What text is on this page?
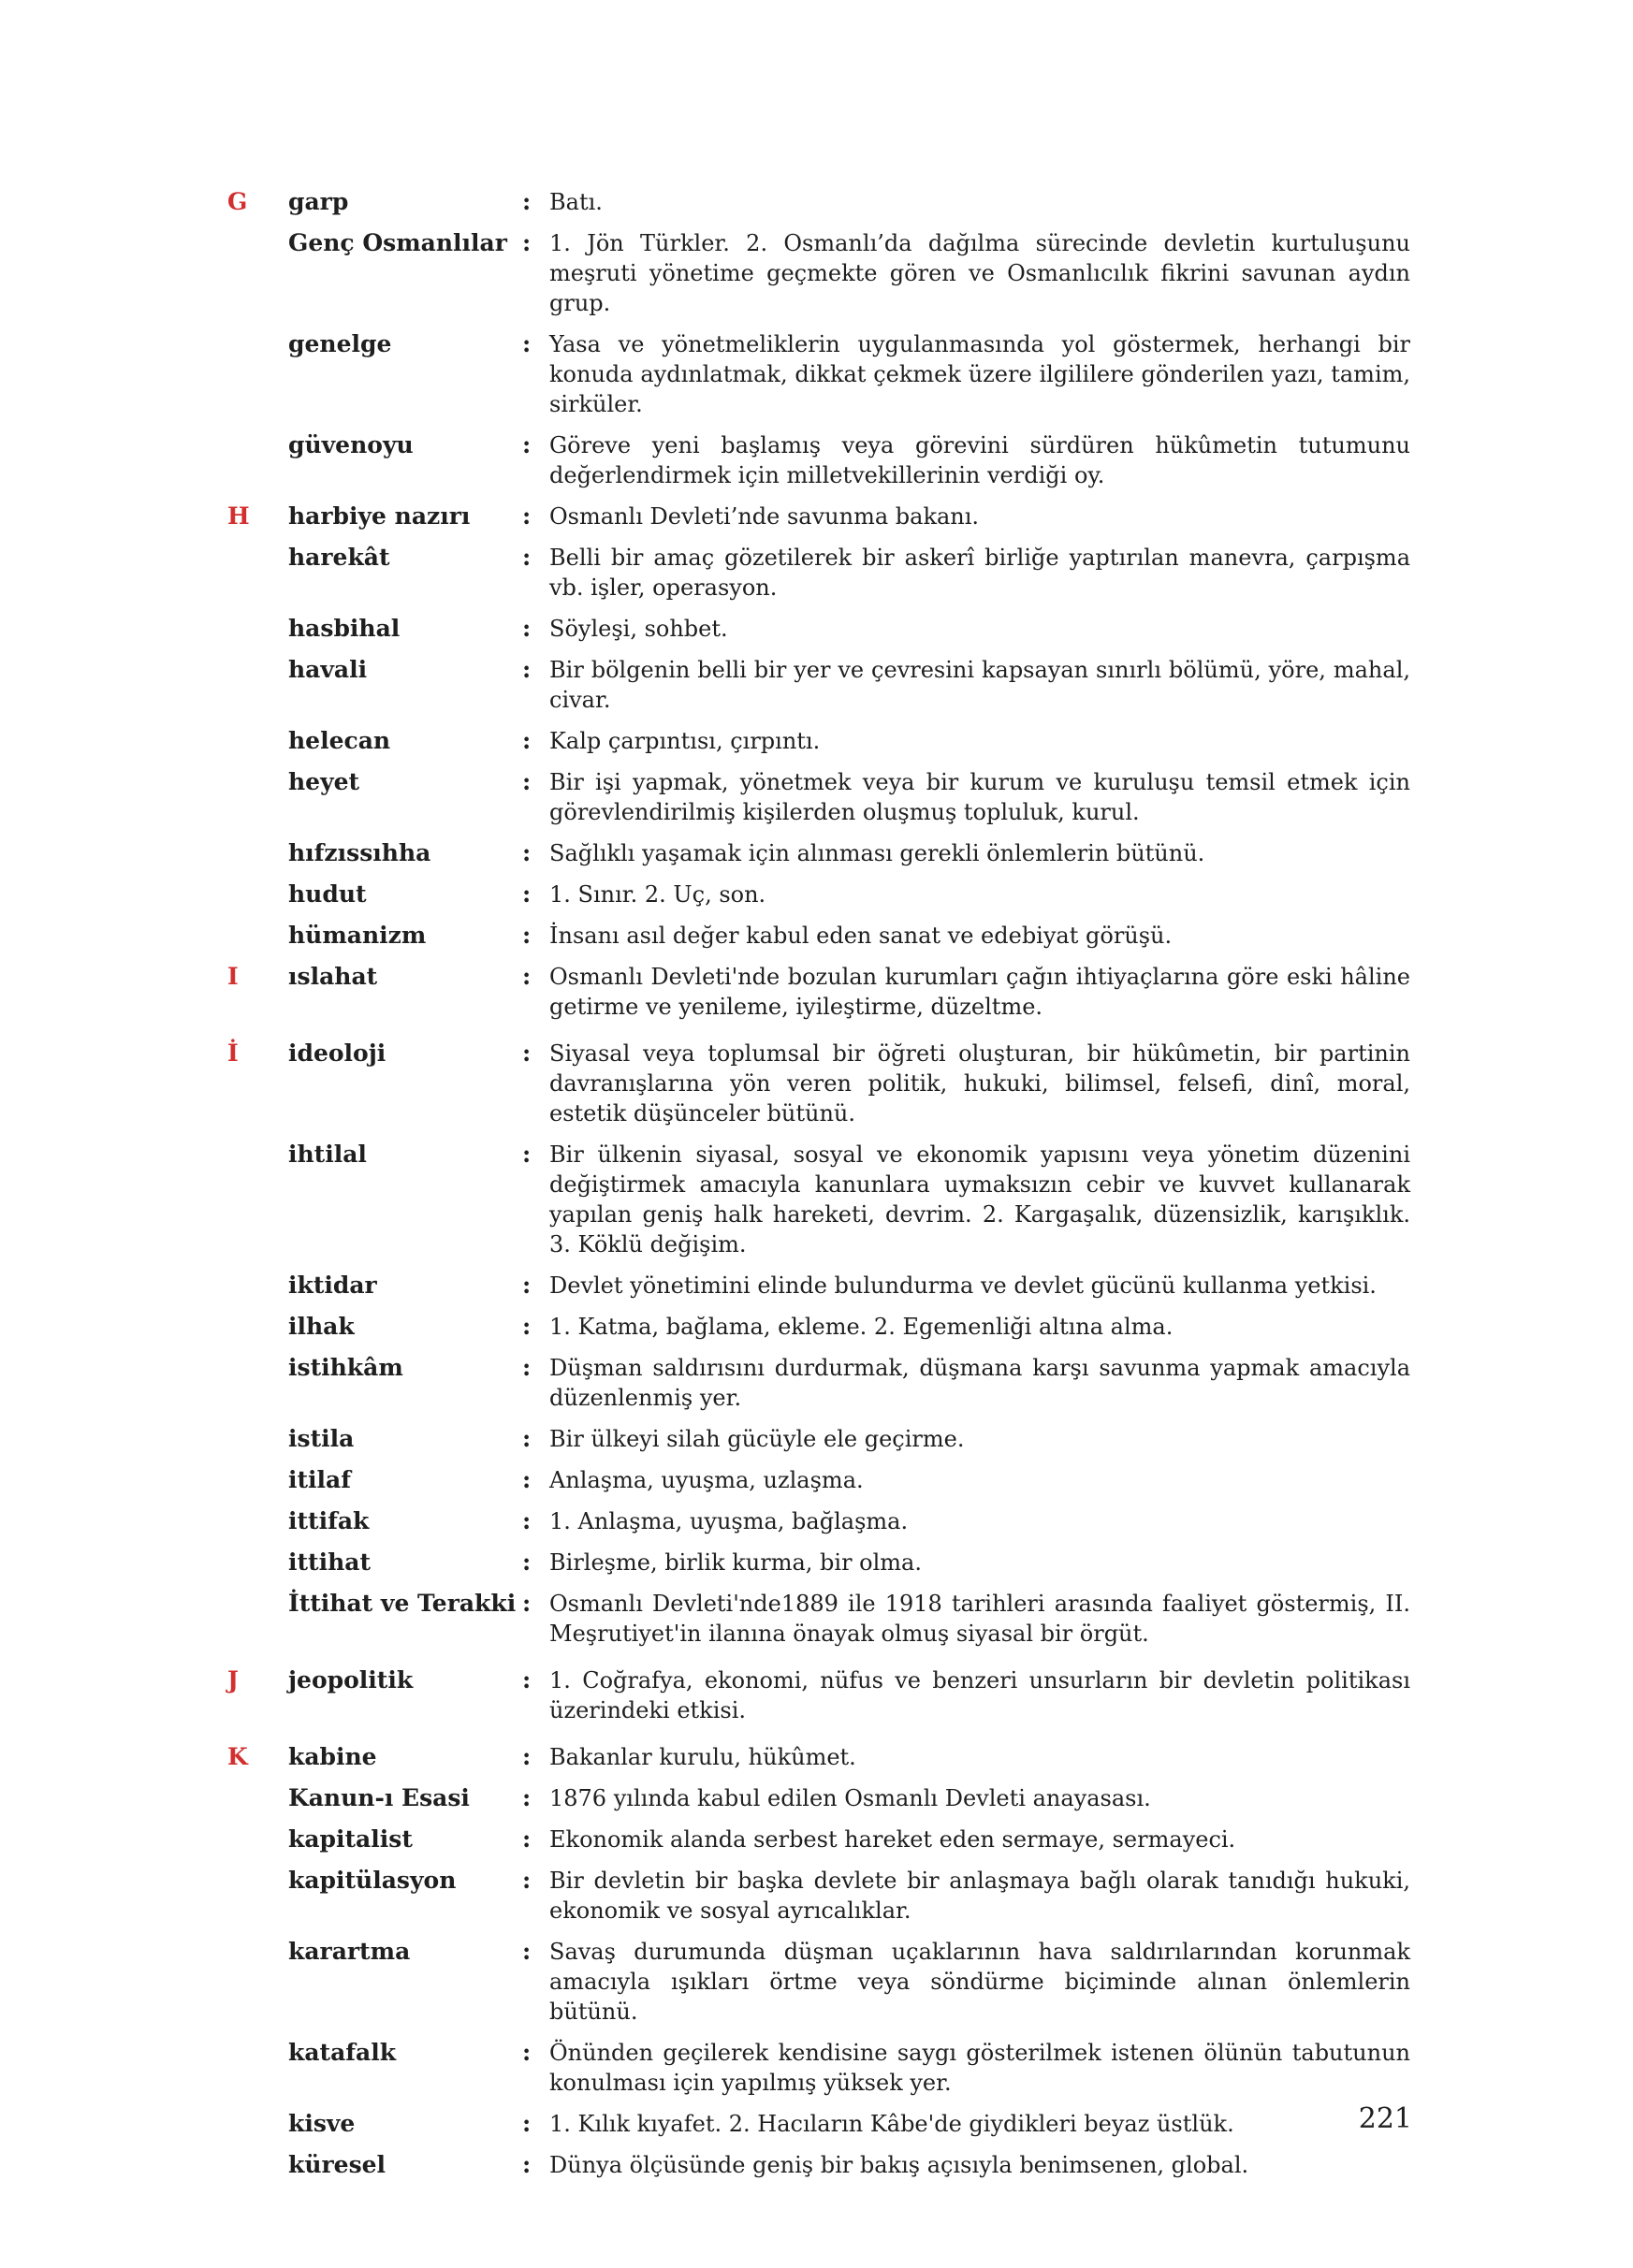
G garp	: Batı.
Genç Osmanlılar : 1. Jön Türkler. 2. Osmanlı’da dağılma sürecinde devletin kurtuluşunu meşruti yönetime geçmekte gören ve Osmanlıcılık fikrini savunan aydın grup.
genelge	: Yasa ve yönetmeliklerin uygulanmasında yol göstermek, herhangi bir konuda aydınlatmak, dikkat çekmek üzere ilgililere gönderilen yazı, tamim, sirküler.
güvenoyu	: Göreve yeni başlamış veya görevini sürdüren hükûmetin tutumunu değerlendirmek için milletvekillerinin verdiği oy.
H harbiye nazırı	: Osmanlı Devleti’nde savunma bakanı.
harekât	: Belli bir amaç gözetilerek bir askerî birliğe yaptırılan manevra, çarpışma vb. işler, operasyon.
hasbihal	: Söyleşi, sohbet.
havali	: Bir bölgenin belli bir yer ve çevresini kapsayan sınırlı bölümü, yöre, mahal, civar.
helecan	: Kalp çarpıntısı, çırpıntı.
heyet	: Bir işi yapmak, yönetmek veya bir kurum ve kuruluşu temsil etmek için görevlendirilmiş kişilerden oluşmuş topluluk, kurul.
hıfzıssıhha	: Sağlıklı yaşamak için alınması gerekli önlemlerin bütünü.
hudut	: 1. Sınır. 2. Uç, son.
hümanizm	: İnsanı asıl değer kabul eden sanat ve edebiyat görüşü.
I ıslahat	: Osmanlı Devleti'nde bozulan kurumları çağın ihtiyaçlarına göre eski hâline getirme ve yenileme, iyileştirme, düzeltme.
İ ideoloji	: Siyasal veya toplumsal bir öğreti oluşturan, bir hükûmetin, bir partinin davranışlarına yön veren politik, hukuki, bilimsel, felsefi, dinî, moral, estetik düşünceler bütünü.
ihtilal	: Bir ülkenin siyasal, sosyal ve ekonomik yapısını veya yönetim düzenini değiştirmek amacıyla kanunlara uymaksızın cebir ve kuvvet kullanarak yapılan geniş halk hareketi, devrim. 2. Kargaşalık, düzensizlik, karışıklık. 3. Köklü değişim.
iktidar	: Devlet yönetimini elinde bulundurma ve devlet gücünü kullanma yetkisi.
ilhak	: 1. Katma, bağlama, ekleme. 2. Egemenliği altına alma.
istihkâm	: Düşman saldırısını durdurmak, düşmana karşı savunma yapmak amacıyla düzenlenmiş yer.
istila	: Bir ülkeyi silah gücüyle ele geçirme.
itilaf	: Anlaşma, uyuşma, uzlaşma.
ittifak	: 1. Anlaşma, uyuşma, bağlaşma.
ittihat	: Birleşme, birlik kurma, bir olma.
İttihat ve Terakki : Osmanlı Devleti'nde1889 ile 1918 tarihleri arasında faaliyet göstermiş, II. Meşrutiyet'in ilanına önayak olmuş siyasal bir örgüt.
J jeopolitik	: 1. Coğrafya, ekonomi, nüfus ve benzeri unsurların bir devletin politikası üzerindeki etkisi.
K kabine	: Bakanlar kurulu, hükûmet.
Kanun-ı Esasi	: 1876 yılında kabul edilen Osmanlı Devleti anayasası.
kapitalist	: Ekonomik alanda serbest hareket eden sermaye, sermayeci.
kapitülasyon	: Bir devletin bir başka devlete bir anlaşmaya bağlı olarak tanıdığı hukuki, ekonomik ve sosyal ayrıcalıklar.
karartma	: Savaş durumunda düşman uçaklarının hava saldırılarından korunmak amacıyla ışıkları örtme veya söndürme biçiminde alınan önlemlerin bütünü.
katafalk	: Önünden geçilerek kendisine saygı gösterilmek istenen ölünün tabutunun konulması için yapılmış yüksek yer.
kisve	: 1. Kılık kıyafet. 2. Hacıların Kâbe'de giydikleri beyaz üstlük.
küresel	: Dünya ölçüsünde geniş bir bakış açısıyla benimsenen, global.
221
